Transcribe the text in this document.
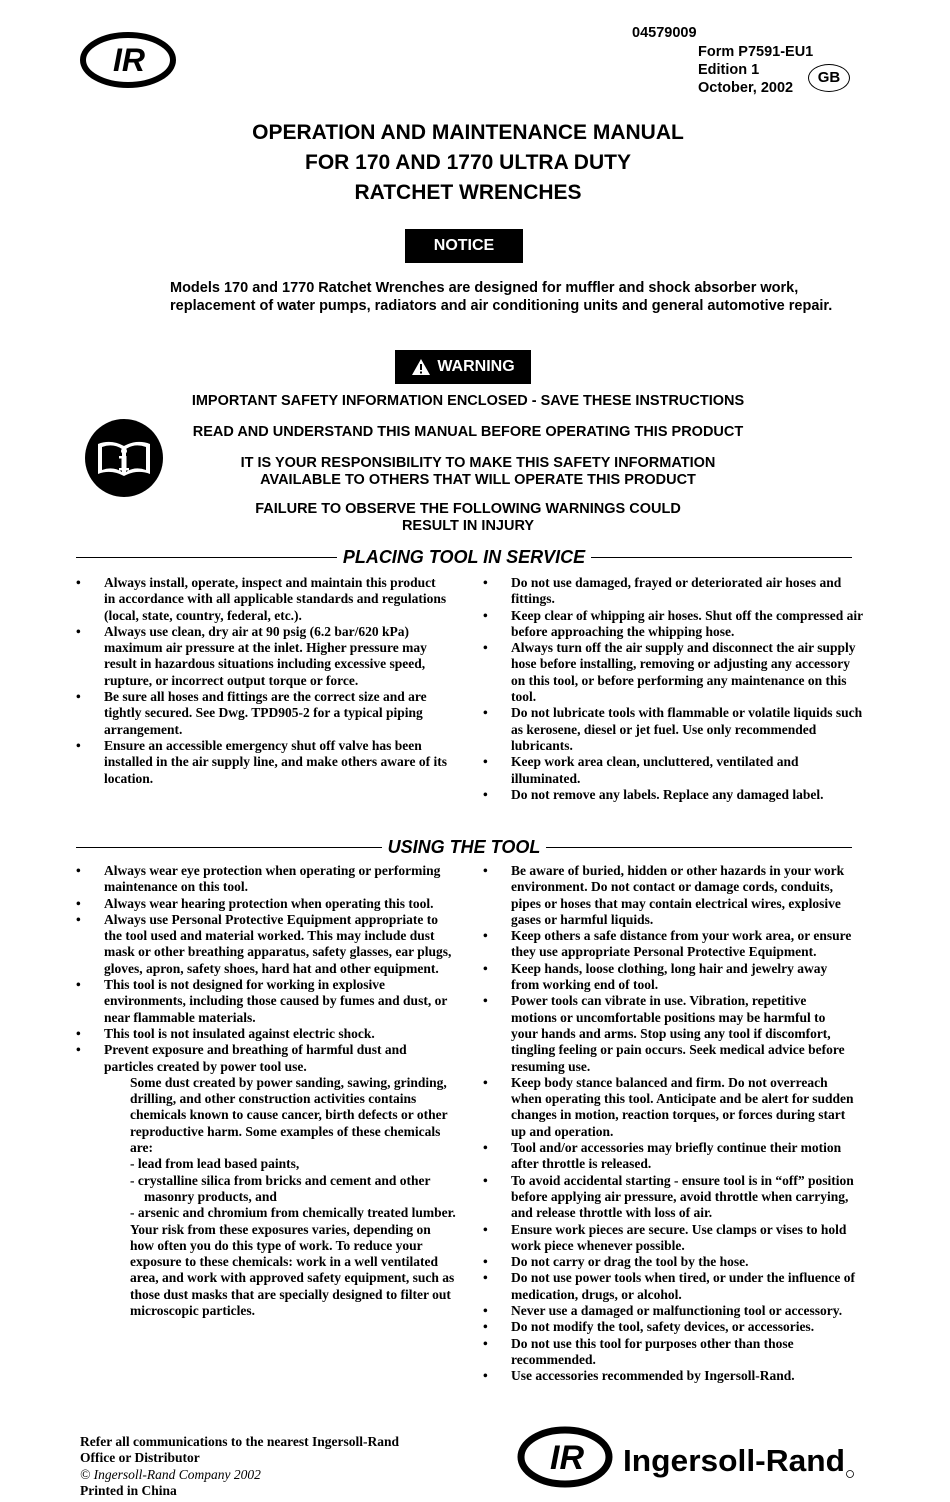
IR
04579009
Form P7591-EU1
Edition 1
October, 2002
GB
OPERATION AND MAINTENANCE MANUAL
FOR 170 AND 1770 ULTRA DUTY
RATCHET WRENCHES
NOTICE
Models 170 and 1770 Ratchet Wrenches are designed for muffler and shock absorber work, replacement of water pumps, radiators and air conditioning units and general automotive repair.
WARNING
IMPORTANT SAFETY INFORMATION ENCLOSED - SAVE THESE INSTRUCTIONS
READ AND UNDERSTAND THIS MANUAL BEFORE OPERATING THIS PRODUCT
IT IS YOUR RESPONSIBILITY TO MAKE THIS SAFETY INFORMATION
AVAILABLE TO OTHERS THAT WILL OPERATE THIS PRODUCT
FAILURE TO OBSERVE THE FOLLOWING WARNINGS COULD
RESULT IN INJURY
PLACING TOOL IN SERVICE
• Always install, operate, inspect and maintain this product in accordance with all applicable standards and regulations (local, state, country, federal, etc.).
• Always use clean, dry air at 90 psig (6.2 bar/620 kPa) maximum air pressure at the inlet. Higher pressure may result in hazardous situations including excessive speed, rupture, or incorrect output torque or force.
• Be sure all hoses and fittings are the correct size and are tightly secured. See Dwg. TPD905-2 for a typical piping arrangement.
• Ensure an accessible emergency shut off valve has been installed in the air supply line, and make others aware of its location.
• Do not use damaged, frayed or deteriorated air hoses and fittings.
• Keep clear of whipping air hoses. Shut off the compressed air before approaching the whipping hose.
• Always turn off the air supply and disconnect the air supply hose before installing, removing or adjusting any accessory on this tool, or before performing any maintenance on this tool.
• Do not lubricate tools with flammable or volatile liquids such as kerosene, diesel or jet fuel. Use only recommended lubricants.
• Keep work area clean, uncluttered, ventilated and illuminated.
• Do not remove any labels. Replace any damaged label.
USING THE TOOL
• Always wear eye protection when operating or performing maintenance on this tool.
• Always wear hearing protection when operating this tool.
• Always use Personal Protective Equipment appropriate to the tool used and material worked. This may include dust mask or other breathing apparatus, safety glasses, ear plugs, gloves, apron, safety shoes, hard hat and other equipment.
• This tool is not designed for working in explosive environments, including those caused by fumes and dust, or near flammable materials.
• This tool is not insulated against electric shock.
• Prevent exposure and breathing of harmful dust and particles created by power tool use.
Some dust created by power sanding, sawing, grinding, drilling, and other construction activities contains chemicals known to cause cancer, birth defects or other reproductive harm. Some examples of these chemicals are:
- lead from lead based paints,
- crystalline silica from bricks and cement and other masonry products, and
- arsenic and chromium from chemically treated lumber.
Your risk from these exposures varies, depending on how often you do this type of work. To reduce your exposure to these chemicals: work in a well ventilated area, and work with approved safety equipment, such as those dust masks that are specially designed to filter out microscopic particles.
• Be aware of buried, hidden or other hazards in your work environment. Do not contact or damage cords, conduits, pipes or hoses that may contain electrical wires, explosive gases or harmful liquids.
• Keep others a safe distance from your work area, or ensure they use appropriate Personal Protective Equipment.
• Keep hands, loose clothing, long hair and jewelry away from working end of tool.
• Power tools can vibrate in use. Vibration, repetitive motions or uncomfortable positions may be harmful to your hands and arms. Stop using any tool if discomfort, tingling feeling or pain occurs. Seek medical advice before resuming use.
• Keep body stance balanced and firm. Do not overreach when operating this tool. Anticipate and be alert for sudden changes in motion, reaction torques, or forces during start up and operation.
• Tool and/or accessories may briefly continue their motion after throttle is released.
• To avoid accidental starting - ensure tool is in “off” position before applying air pressure, avoid throttle when carrying, and release throttle with loss of air.
• Ensure work pieces are secure. Use clamps or vises to hold work piece whenever possible.
• Do not carry or drag the tool by the hose.
• Do not use power tools when tired, or under the influence of medication, drugs, or alcohol.
• Never use a damaged or malfunctioning tool or accessory.
• Do not modify the tool, safety devices, or accessories.
• Do not use this tool for purposes other than those recommended.
• Use accessories recommended by Ingersoll-Rand.
Refer all communications to the nearest Ingersoll-Rand
Office or Distributor
© Ingersoll-Rand Company 2002
Printed in China
IR Ingersoll-Rand
